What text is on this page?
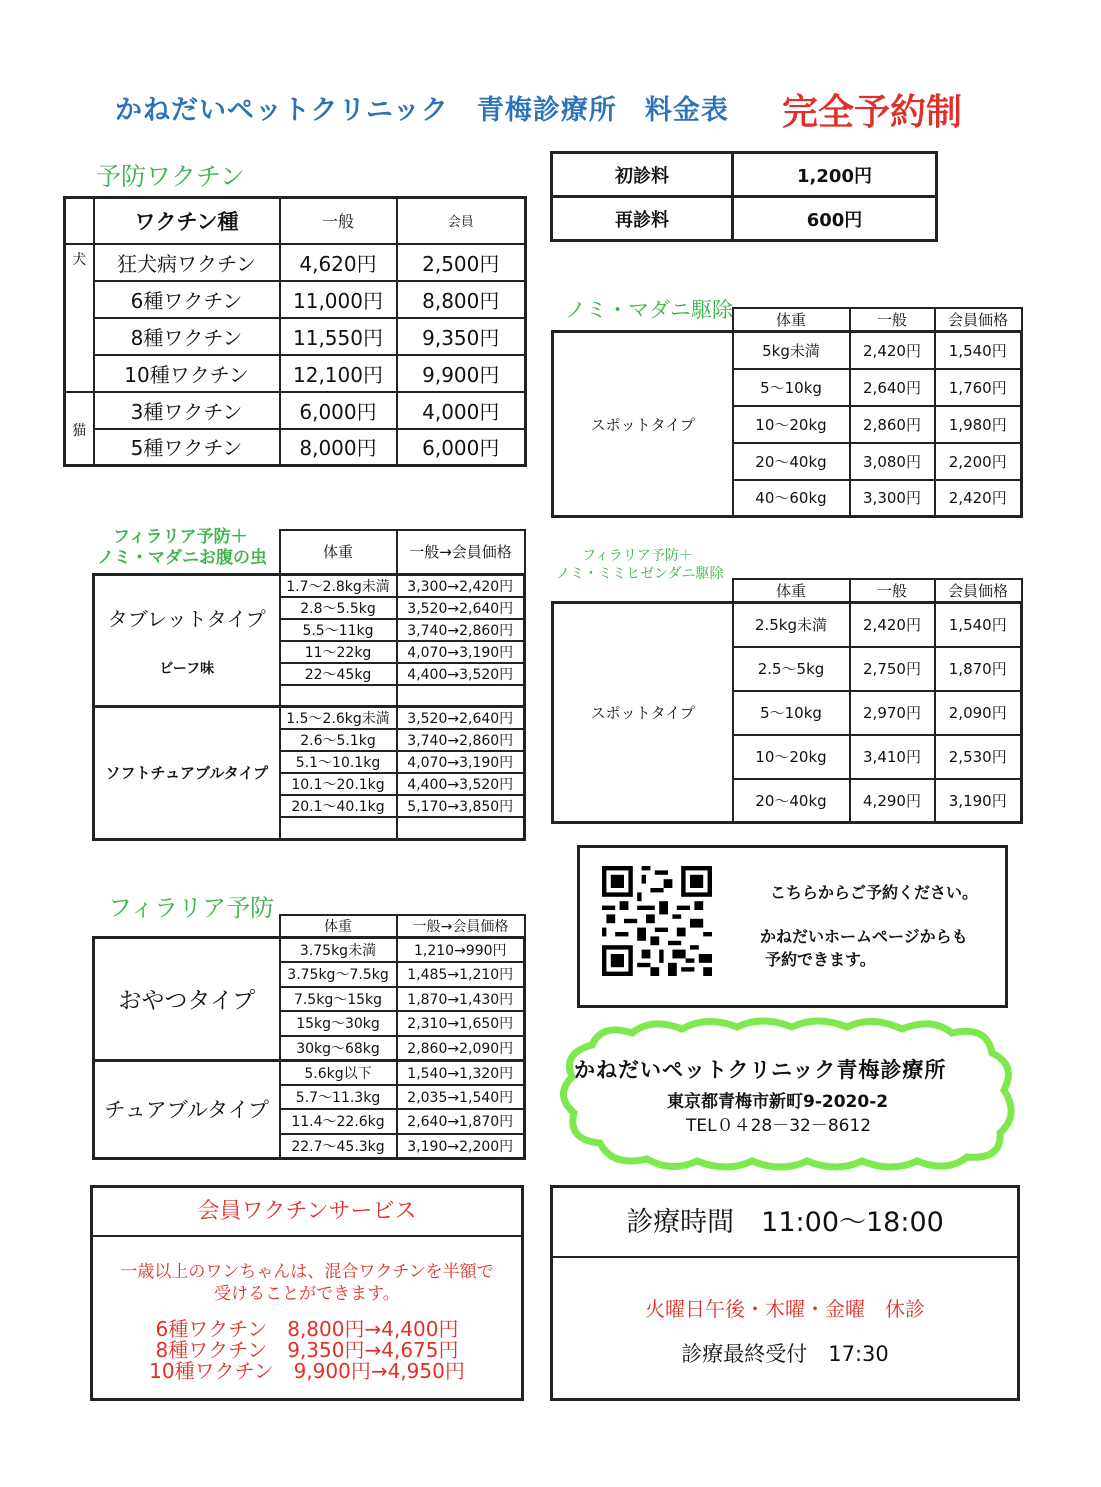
かねだいペットクリニック　青梅診療所　料金表 完全予約制
予防ワクチン
	ワクチン種	一般	会員
犬	狂犬病ワクチン	4,620円	2,500円
	6種ワクチン	11,000円	8,800円
	8種ワクチン	11,550円	9,350円
	10種ワクチン	12,100円	9,900円
猫	3種ワクチン	6,000円	4,000円
	5種ワクチン	8,000円	6,000円
初診料	1,200円
再診料	600円
ノミ・マダニ駆除
		体重	一般	会員価格
スポットタイプ	5kg未満	2,420円	1,540円
	5～10kg	2,640円	1,760円
	10～20kg	2,860円	1,980円
	20～40kg	3,080円	2,200円
	40～60kg	3,300円	2,420円
フィラリア予防＋
ノミ・マダニお腹の虫
		体重	一般→会員価格

タブレットタイプ
ビーフ味	1.7～2.8kg未満	3,300→2,420円
	2.8～5.5kg	3,520→2,640円
	5.5～11kg	3,740→2,860円
	11～22kg	4,070→3,190円
	22～45kg	4,400→3,520円

ソフトチュアブルタイプ	1.5～2.6kg未満	3,520→2,640円
	2.6～5.1kg	3,740→2,860円
	5.1～10.1kg	4,070→3,190円
	10.1～20.1kg	4,400→3,520円
	20.1～40.1kg	5,170→3,850円

フィラリア予防＋
ノミ・ミミヒゼンダニ駆除
	体重	一般	会員価格
スポットタイプ	2.5kg未満	2,420円	1,540円
	2.5～5kg	2,750円	1,870円
	5～10kg	2,970円	2,090円
	10～20kg	3,410円	2,530円
	20～40kg	4,290円	3,190円
こちらからご予約ください。
かねだいホームページからも
予約できます。
フィラリア予防
	体重	一般→会員価格

おやつタイプ	3.75kg未満	1,210→990円
	3.75kg～7.5kg	1,485→1,210円
	7.5kg～15kg	1,870→1,430円
	15kg～30kg	2,310→1,650円
	30kg～68kg	2,860→2,090円

チュアブルタイプ	5.6kg以下	1,540→1,320円
	5.7～11.3kg	2,035→1,540円
	11.4～22.6kg	2,640→1,870円
	22.7～45.3kg	3,190→2,200円
かねだいペットクリニック青梅診療所
東京都青梅市新町9-2020-2
TEL０４28－32－8612
会員ワクチンサービス
一歳以上のワンちゃんは、混合ワクチンを半額で
受けることができます。
6種ワクチン　8,800円→4,400円
8種ワクチン　9,350円→4,675円
10種ワクチン　9,900円→4,950円
診療時間　11:00～18:00
火曜日午後・木曜・金曜　休診
診療最終受付　17:30
